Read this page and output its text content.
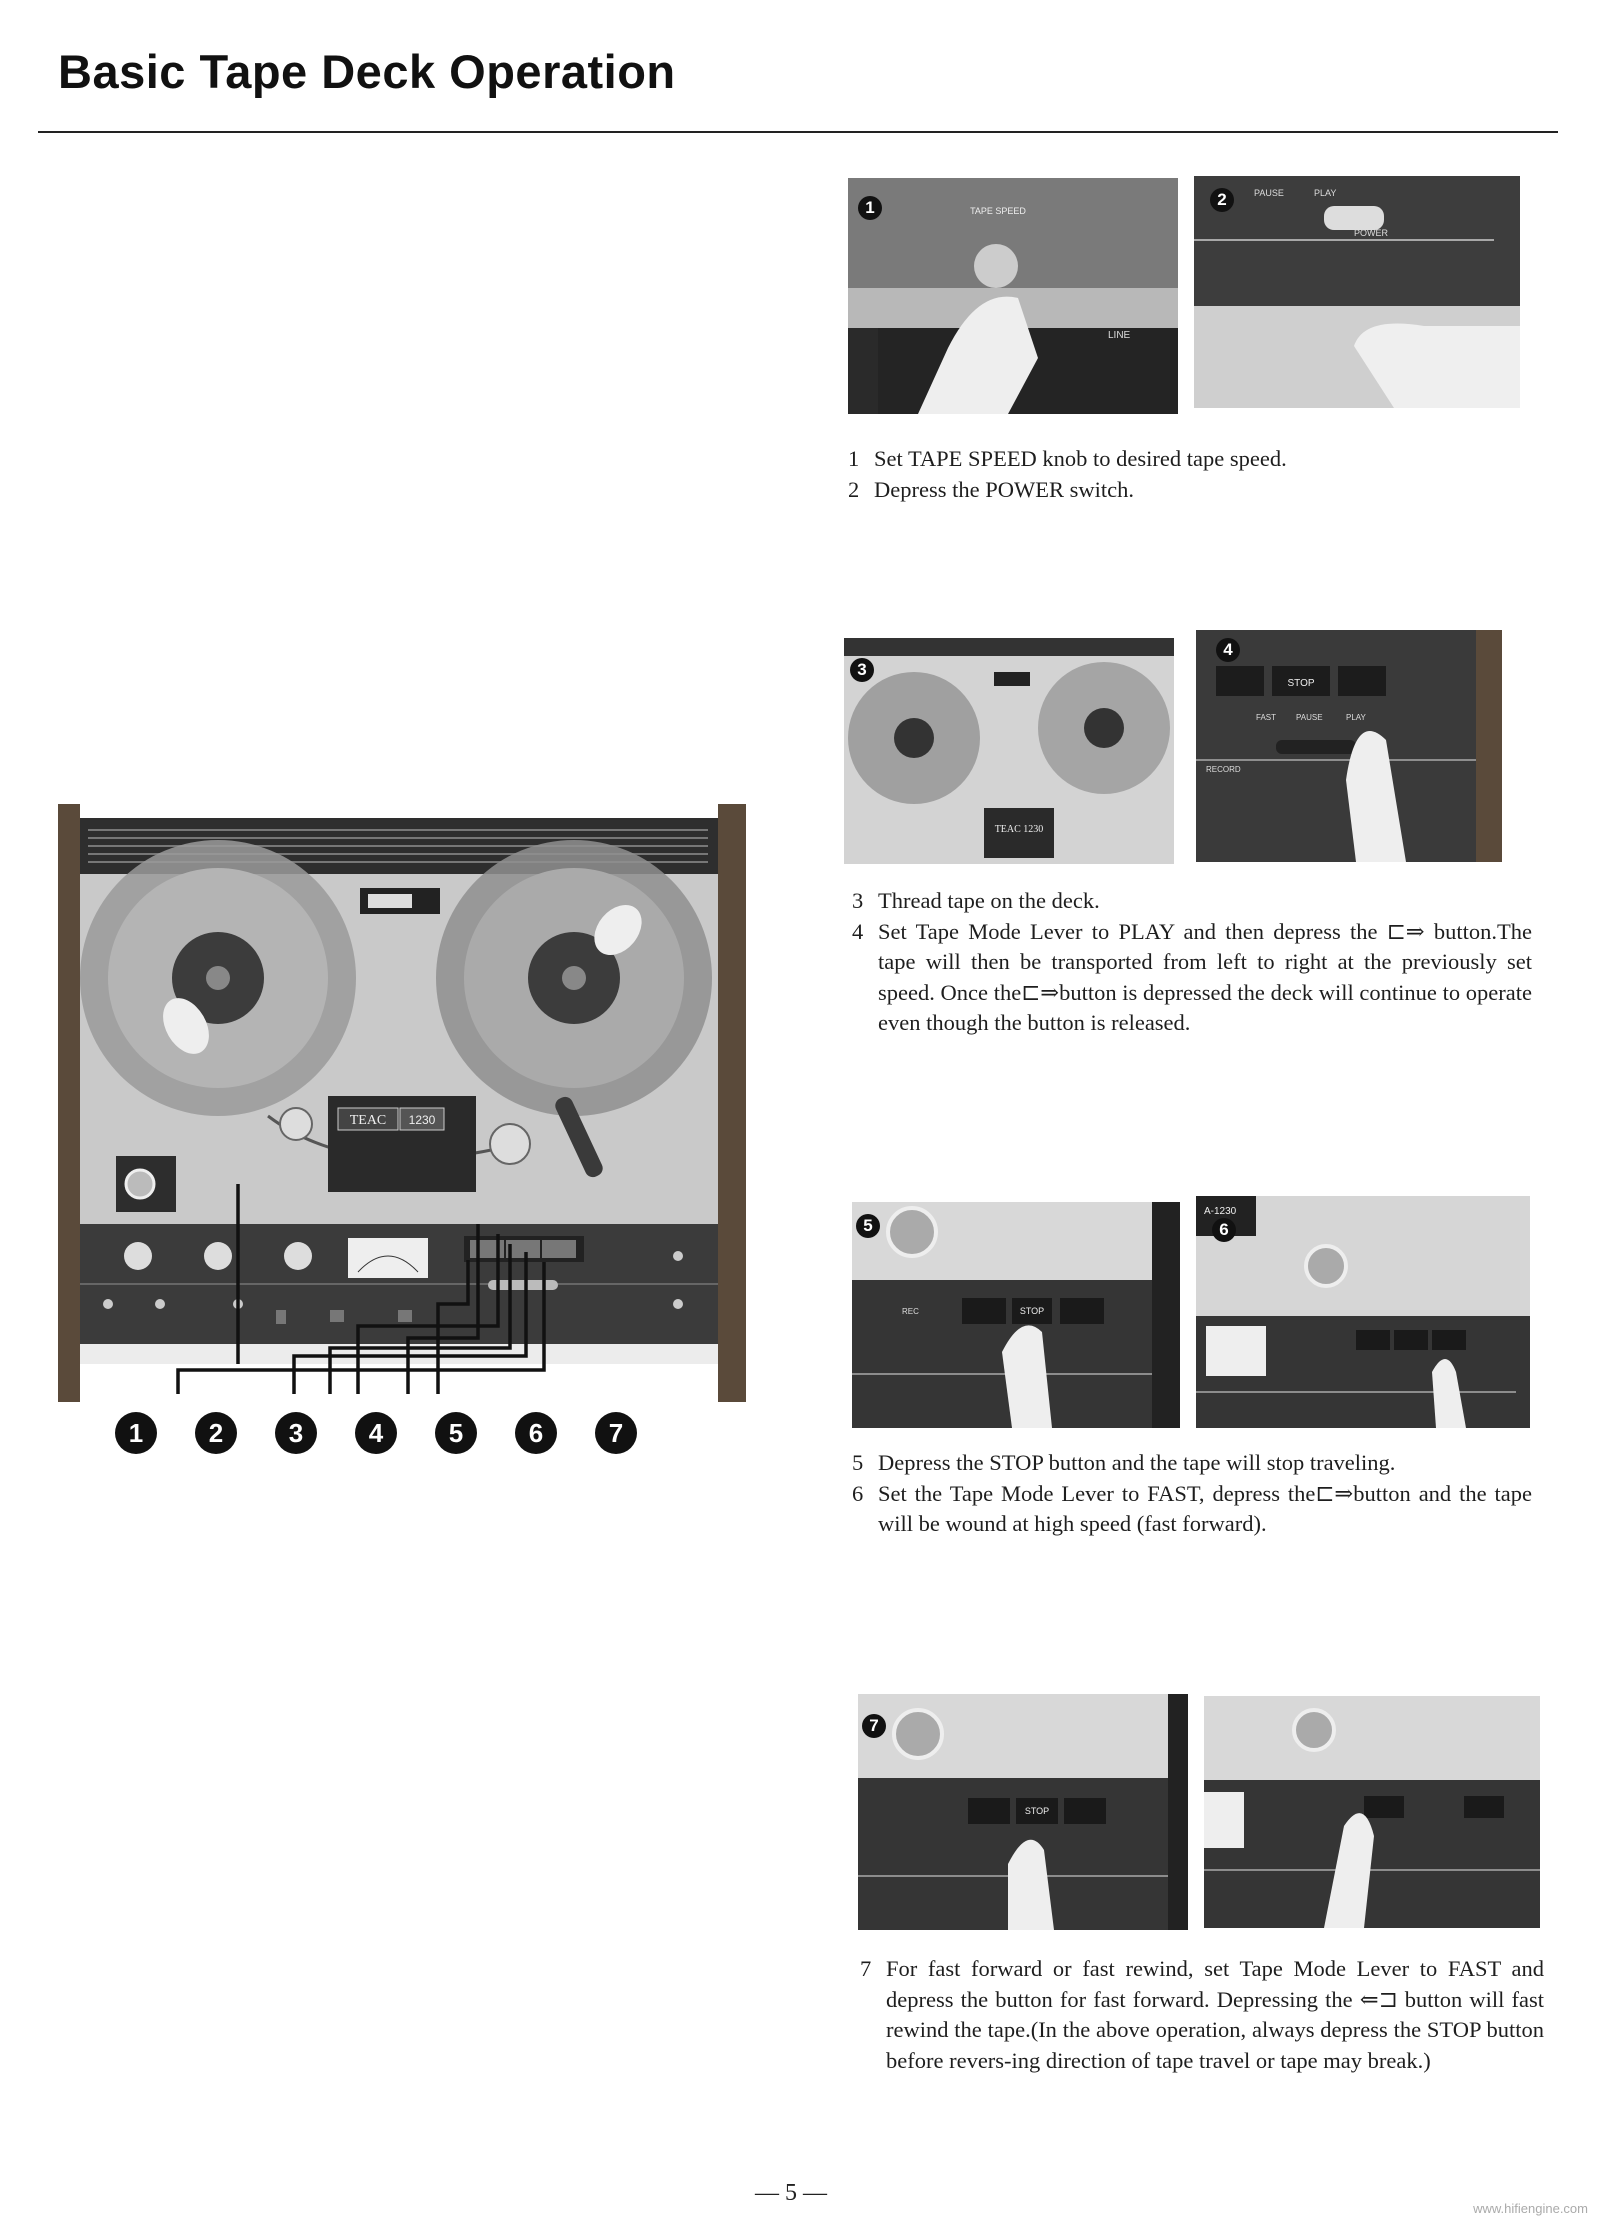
Basic Tape Deck Operation
TEAC 1230
1	2	3	4	5	6	7
TAPE SPEED
LINE
1
PAUSE	PLAY
POWER
2
1 Set TAPE SPEED knob to desired tape speed.
2 Depress the POWER switch.
TEAC 1230
3
STOP
FAST PAUSE	PLAY
RECORD
4
3 Thread tape on the deck.
4 Set Tape Mode Lever to PLAY and then depress the ⊏⇒ button.The tape will then be transported from left to right at the previously set speed. Once the⊏⇒button is depressed the deck will continue to operate even though the button is released.
STOP
REC
5
A-1230
6
5 Depress the STOP button and the tape will stop traveling.
6 Set the Tape Mode Lever to FAST, depress the⊏⇒button and the tape will be wound at high speed (fast forward).
STOP
7
7 For fast forward or fast rewind, set Tape Mode Lever to FAST and depress the button for fast forward. Depressing the ⇐⊐ button will fast rewind the tape.(In the above operation, always depress the STOP button before revers-ing direction of tape travel or tape may break.)
— 5 —
www.hifiengine.com
